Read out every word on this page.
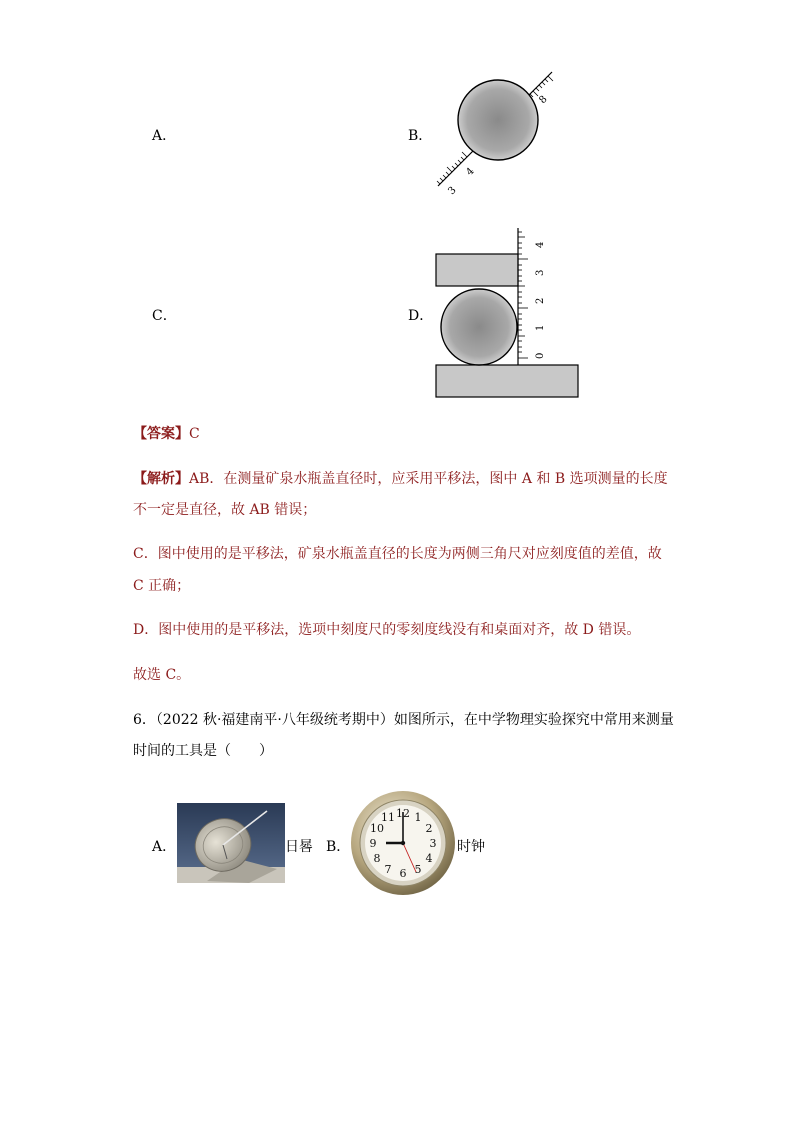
A．	B．
C．	D．
8
4
3
4
3
2
1
0
【答案】C
【解析】AB．在测量矿泉水瓶盖直径时，应采用平移法，图中 A 和 B 选项测量的长度
不一定是直径，故 AB 错误；
C．图中使用的是平移法，矿泉水瓶盖直径的长度为两侧三角尺对应刻度值的差值，故
C 正确；
D．图中使用的是平移法，选项中刻度尺的零刻度线没有和桌面对齐，故 D 错误。
故选 C。
6．（2022 秋·福建南平·八年级统考期中）如图所示，在中学物理实验探究中常用来测量
时间的工具是（　　）
A．	日晷 B．
12 1
2
3
4
5
6
7
8
9
10
11
时钟
